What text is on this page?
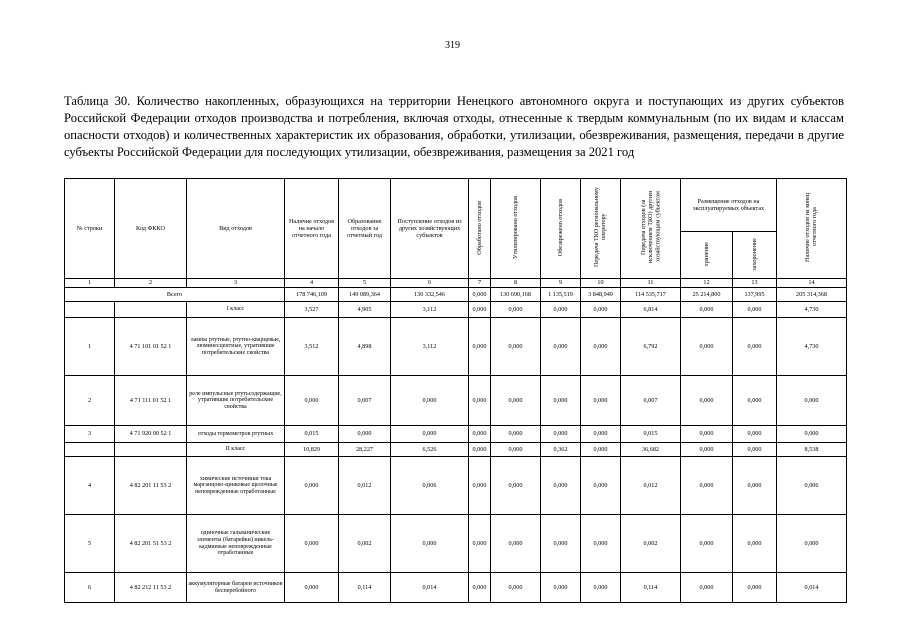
319

Таблица 30. Количество накопленных, образующихся на территории Ненецкого автономного округа и поступающих из других субъектов Российской Федерации отходов производства и потребления, включая отходы, отнесенные к твердым коммунальным (по их видам и классам опасности отходов) и количественных характеристик их образования, обработки, утилизации, обезвреживания, размещения, передачи в другие субъекты Российской Федерации для последующих утилизации, обезвреживания, размещения за 2021 год

№ строки	Код ФККО	Вид отходов	Наличие отходов на начало отчетного года	Образование отходов за отчетный год	Поступление отходов из других хозяйствующих субъектов	Обработано отходов	Утилизировано отходов	Обезврежено отходов	Передача ТКО региональному оператору	Передача отходов (за исключением ТКО) другим хозяйствующим субъектам	Размещение отходов на эксплуатируемых объектах		Наличие отходов на конец отчетного года
											хранение	захоронение	
1	2	3	4	5	6	7	8	9	10	11	12	13	14
Всего			178 746,109	149 089,364	130 332,546	0,000	130 690,168	1 135,519	3 848,949	114 535,717	25 214,800	137,995	205 314,368
		I класс	3,527	4,905	3,112	0,000	0,000	0,000	0,000	6,814	0,000	0,000	4,730
1	4 71 101 01 52 1	лампы ртутные, ртутно-кварцевые, люминесцентные, утратившие потребительские свойства	3,512	4,898	3,112	0,000	0,000	0,000	0,000	6,792	0,000	0,000	4,730
2	4 71 111 01 52 1	реле импульсные ртутьсодержащие, утратившие потребительские свойства	0,000	0,007	0,000	0,000	0,000	0,000	0,000	0,007	0,000	0,000	0,000
3	4 71 920 00 52 1	отходы термометров ртутных	0,015	0,000	0,000	0,000	0,000	0,000	0,000	0,015	0,000	0,000	0,000
		II класс	10,829	28,227	6,526	0,000	0,000	0,362	0,000	36,682	0,000	0,000	8,538
4	4 82 201 11 53 2	химические источники тока марганцово-цинковые щелочные неповрежденные отработанные	0,000	0,012	0,006	0,000	0,000	0,000	0,000	0,012	0,000	0,000	0,006
5	4 82 201 51 53 2	одиночные гальванические элементы (батарейки) никель-кадмиевые неповрежденные отработанные	0,000	0,002	0,000	0,000	0,000	0,000	0,000	0,002	0,000	0,000	0,000
6	4 82 212 11 53 2	аккумуляторные батареи источников бесперебойного	0,000	0,114	0,014	0,000	0,000	0,000	0,000	0,114	0,000	0,000	0,014
